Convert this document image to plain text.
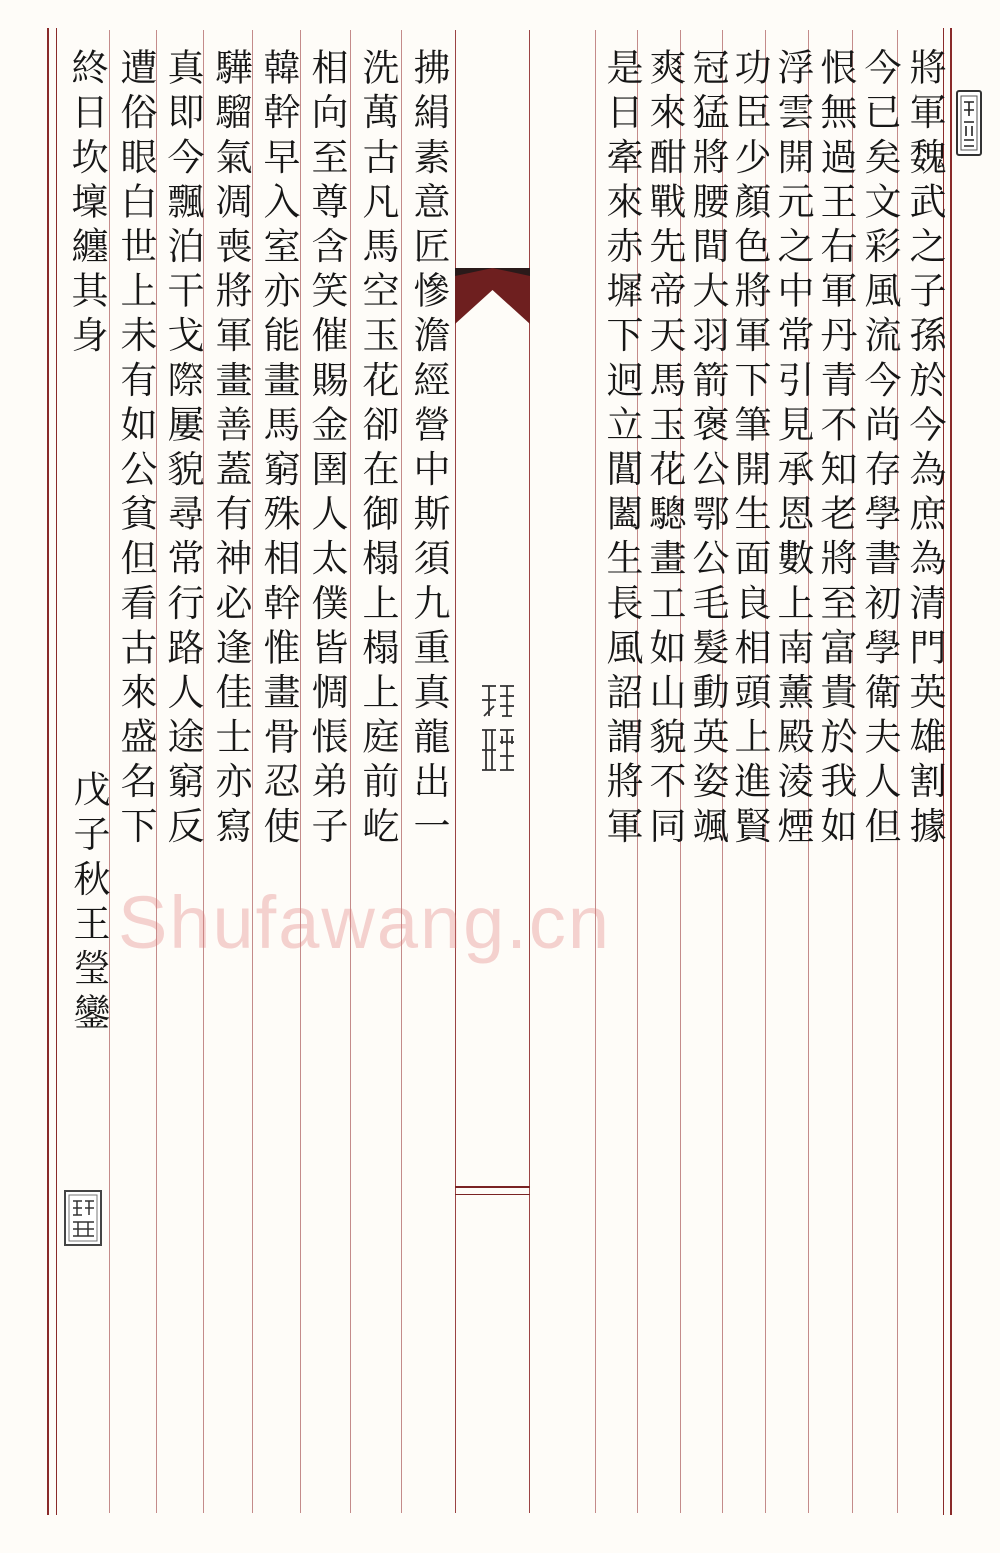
將軍魏武之子孫於今為庶為清門英雄割據
今已矣文彩風流今尚存學書初學衛夫人但
恨無過王右軍丹青不知老將至富貴於我如
浮雲開元之中常引見承恩數上南薰殿淩煙
功臣少顏色將軍下筆開生面良相頭上進賢
冠猛將腰間大羽箭褒公鄂公毛髮動英姿颯
爽來酣戰先帝天馬玉花驄畫工如山貌不同
是日牽來赤墀下迥立閶闔生長風詔謂將軍
拂絹素意匠慘澹經營中斯須九重真龍出一
洗萬古凡馬空玉花卻在御榻上榻上庭前屹
相向至尊含笑催賜金圉人太僕皆惆悵弟子
韓幹早入室亦能畫馬窮殊相幹惟畫骨忍使
驊騮氣凋喪將軍畫善蓋有神必逢佳士亦寫
真即今飄泊干戈際屢貌尋常行路人途窮反
遭俗眼白世上未有如公貧但看古來盛名下
終日坎壈纏其身
戊子秋王瑩鑾 Shufawang.cn
